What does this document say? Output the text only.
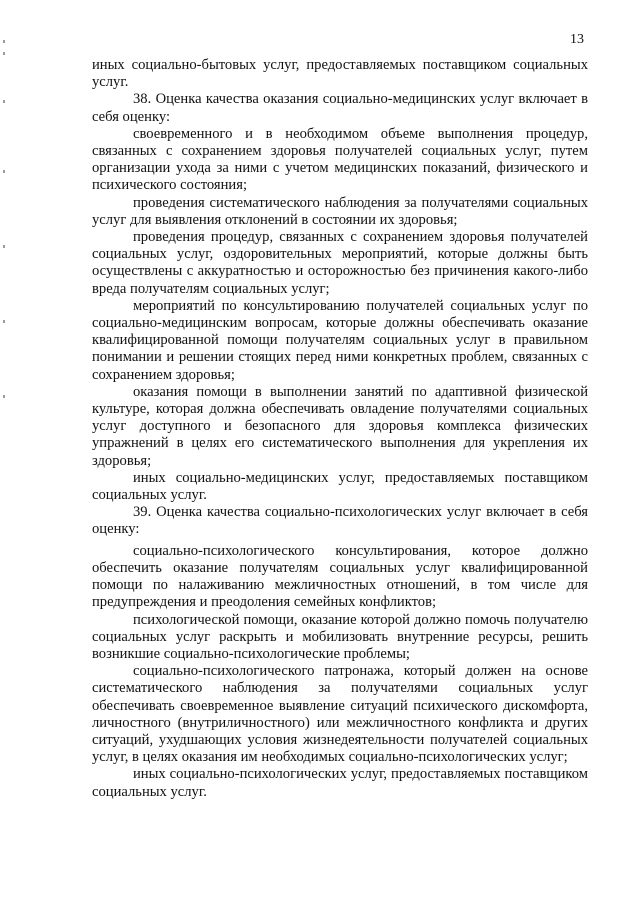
13

иных социально-бытовых услуг, предоставляемых поставщиком социальных услуг.

38. Оценка качества оказания социально-медицинских услуг включает в себя оценку:

своевременного и в необходимом объеме выполнения процедур, связанных с сохранением здоровья получателей социальных услуг, путем организации ухода за ними с учетом медицинских показаний, физического и психического состояния;

проведения систематического наблюдения за получателями социальных услуг для выявления отклонений в состоянии их здоровья;

проведения процедур, связанных с сохранением здоровья получателей социальных услуг, оздоровительных мероприятий, которые должны быть осуществлены с аккуратностью и осторожностью без причинения какого-либо вреда получателям социальных услуг;

мероприятий по консультированию получателей социальных услуг по социально-медицинским вопросам, которые должны обеспечивать оказание квалифицированной помощи получателям социальных услуг в правильном понимании и решении стоящих перед ними конкретных проблем, связанных с сохранением здоровья;

оказания помощи в выполнении занятий по адаптивной физической культуре, которая должна обеспечивать овладение получателями социальных услуг доступного и безопасного для здоровья комплекса физических упражнений в целях его систематического выполнения для укрепления их здоровья;

иных социально-медицинских услуг, предоставляемых поставщиком социальных услуг.

39. Оценка качества социально-психологических услуг включает в себя оценку:

социально-психологического консультирования, которое должно обеспечить оказание получателям социальных услуг квалифицированной помощи по налаживанию межличностных отношений, в том числе для предупреждения и преодоления семейных конфликтов;

психологической помощи, оказание которой должно помочь получателю социальных услуг раскрыть и мобилизовать внутренние ресурсы, решить возникшие социально-психологические проблемы;

социально-психологического патронажа, который должен на основе систематического наблюдения за получателями социальных услуг обеспечивать своевременное выявление ситуаций психического дискомфорта, личностного (внутриличностного) или межличностного конфликта и других ситуаций, ухудшающих условия жизнедеятельности получателей социальных услуг, в целях оказания им необходимых социально-психологических услуг;

иных социально-психологических услуг, предоставляемых поставщиком социальных услуг.
